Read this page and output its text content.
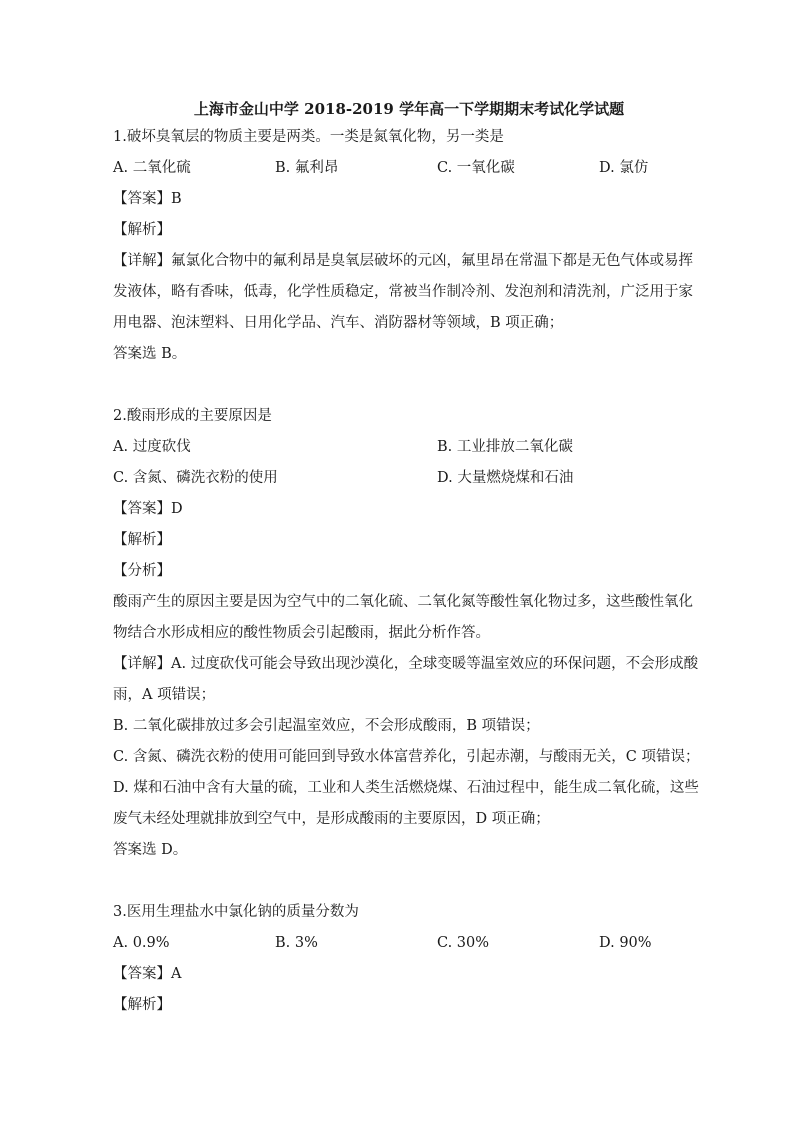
上海市金山中学 2018-2019 学年高一下学期期末考试化学试题
1.破坏臭氧层的物质主要是两类。一类是氮氧化物，另一类是
A. 二氧化硫	B. 氟利昂	C. 一氧化碳	D. 氯仿
【答案】B
【解析】
【详解】氟氯化合物中的氟利昂是臭氧层破坏的元凶，氟里昂在常温下都是无色气体或易挥
发液体，略有香味，低毒，化学性质稳定，常被当作制冷剂、发泡剂和清洗剂，广泛用于家
用电器、泡沫塑料、日用化学品、汽车、消防器材等领域，B 项正确；
答案选 B。
2.酸雨形成的主要原因是
A. 过度砍伐	B. 工业排放二氧化碳
C. 含氮、磷洗衣粉的使用	D. 大量燃烧煤和石油
【答案】D
【解析】
【分析】
酸雨产生的原因主要是因为空气中的二氧化硫、二氧化氮等酸性氧化物过多，这些酸性氧化
物结合水形成相应的酸性物质会引起酸雨，据此分析作答。
【详解】A. 过度砍伐可能会导致出现沙漠化，全球变暖等温室效应的环保问题，不会形成酸
雨，A 项错误；
B. 二氧化碳排放过多会引起温室效应，不会形成酸雨，B 项错误；
C. 含氮、磷洗衣粉的使用可能回到导致水体富营养化，引起赤潮，与酸雨无关，C 项错误；
D. 煤和石油中含有大量的硫，工业和人类生活燃烧煤、石油过程中，能生成二氧化硫，这些
废气未经处理就排放到空气中，是形成酸雨的主要原因，D 项正确；
答案选 D。
3.医用生理盐水中氯化钠的质量分数为
A. 0.9%	B. 3%	C. 30%	D. 90%
【答案】A
【解析】
